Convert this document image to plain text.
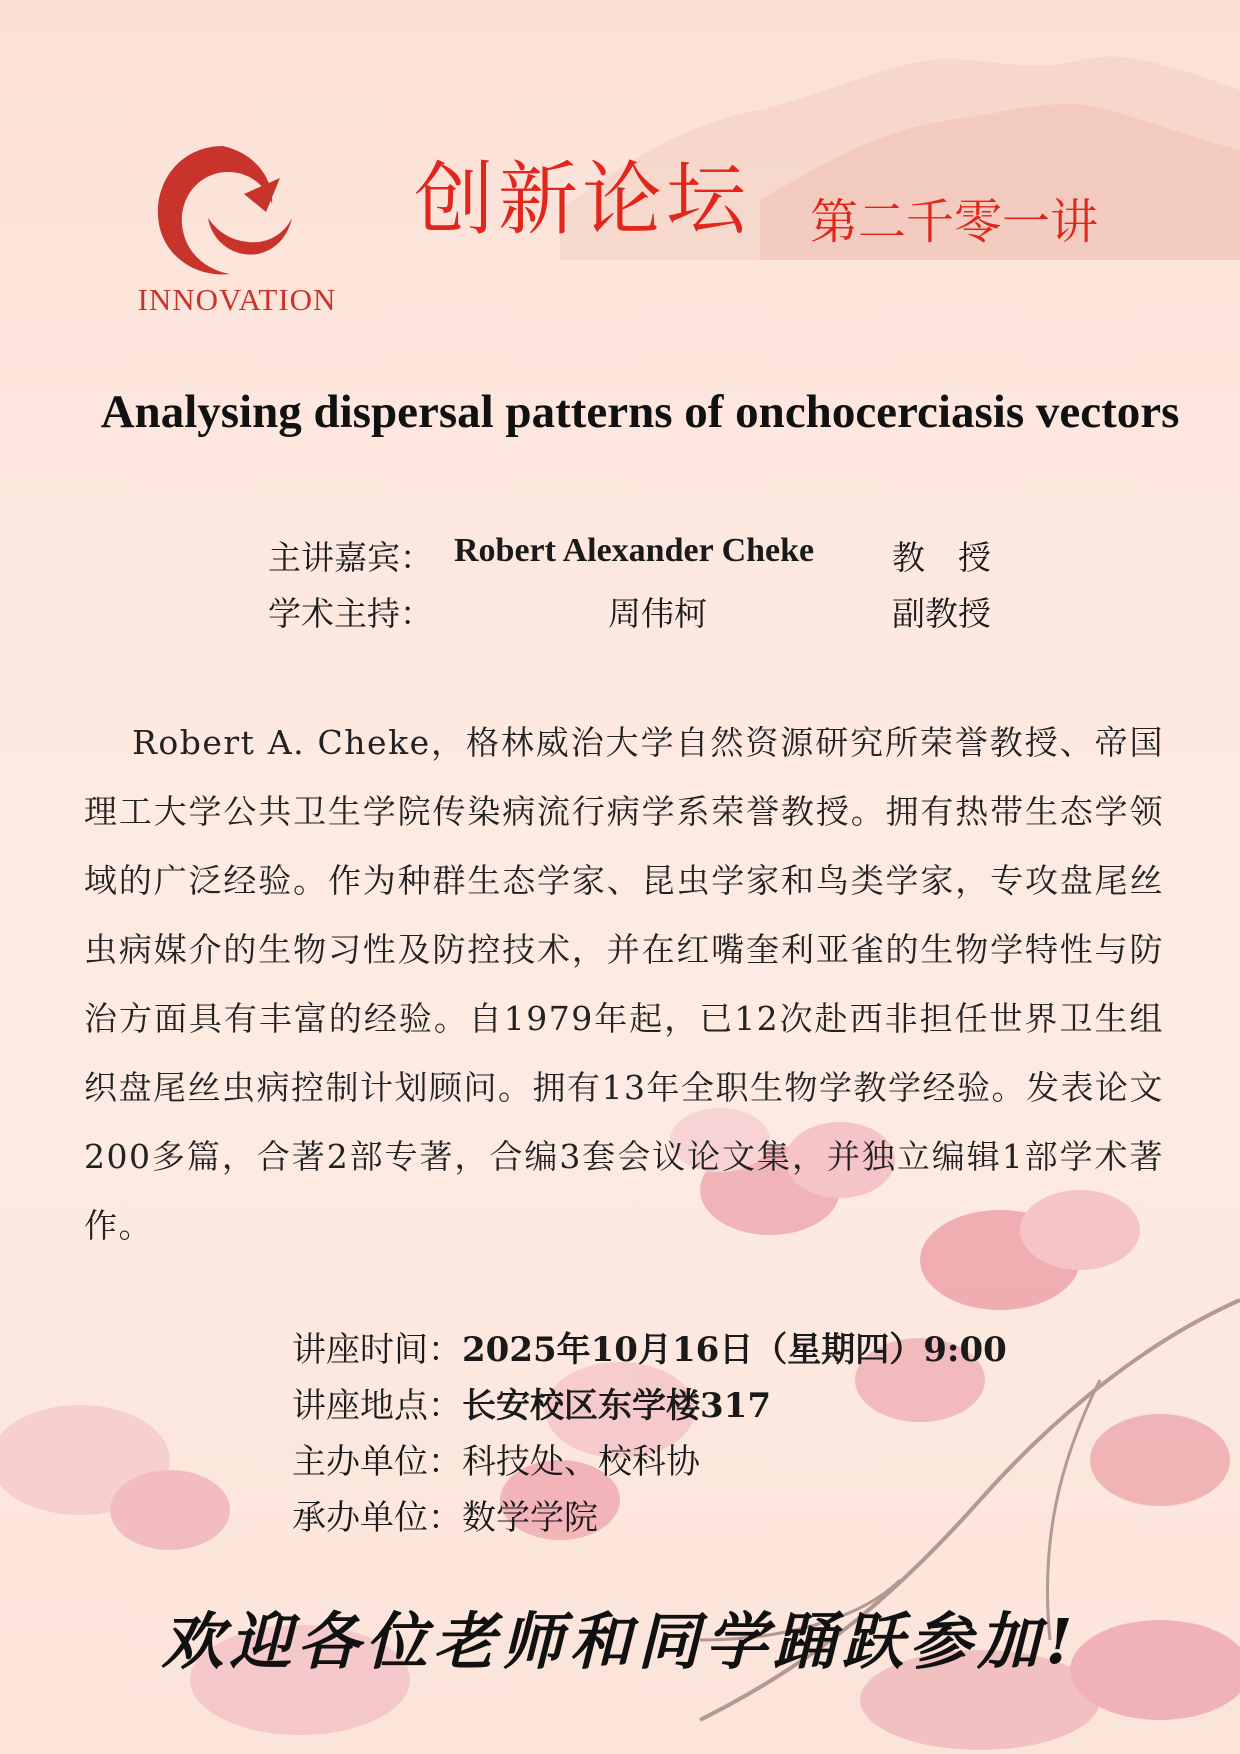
INNOVATION
创新论坛 第二千零一讲
Analysing dispersal patterns of onchocerciasis vectors
主讲嘉宾： Robert Alexander Cheke 教　授
学术主持：	周伟柯	副教授
Robert A. Cheke，格林威治大学自然资源研究所荣誉教授、帝国理工大学公共卫生学院传染病流行病学系荣誉教授。拥有热带生态学领域的广泛经验。作为种群生态学家、昆虫学家和鸟类学家，专攻盘尾丝虫病媒介的生物习性及防控技术，并在红嘴奎利亚雀的生物学特性与防治方面具有丰富的经验。自1979年起，已12次赴西非担任世界卫生组织盘尾丝虫病控制计划顾问。拥有13年全职生物学教学经验。发表论文200多篇，合著2部专著，合编3套会议论文集，并独立编辑1部学术著作。
讲座时间：2025年10月16日（星期四）9:00
讲座地点：长安校区东学楼317
主办单位：科技处、校科协
承办单位：数学学院
欢迎各位老师和同学踊跃参加!
